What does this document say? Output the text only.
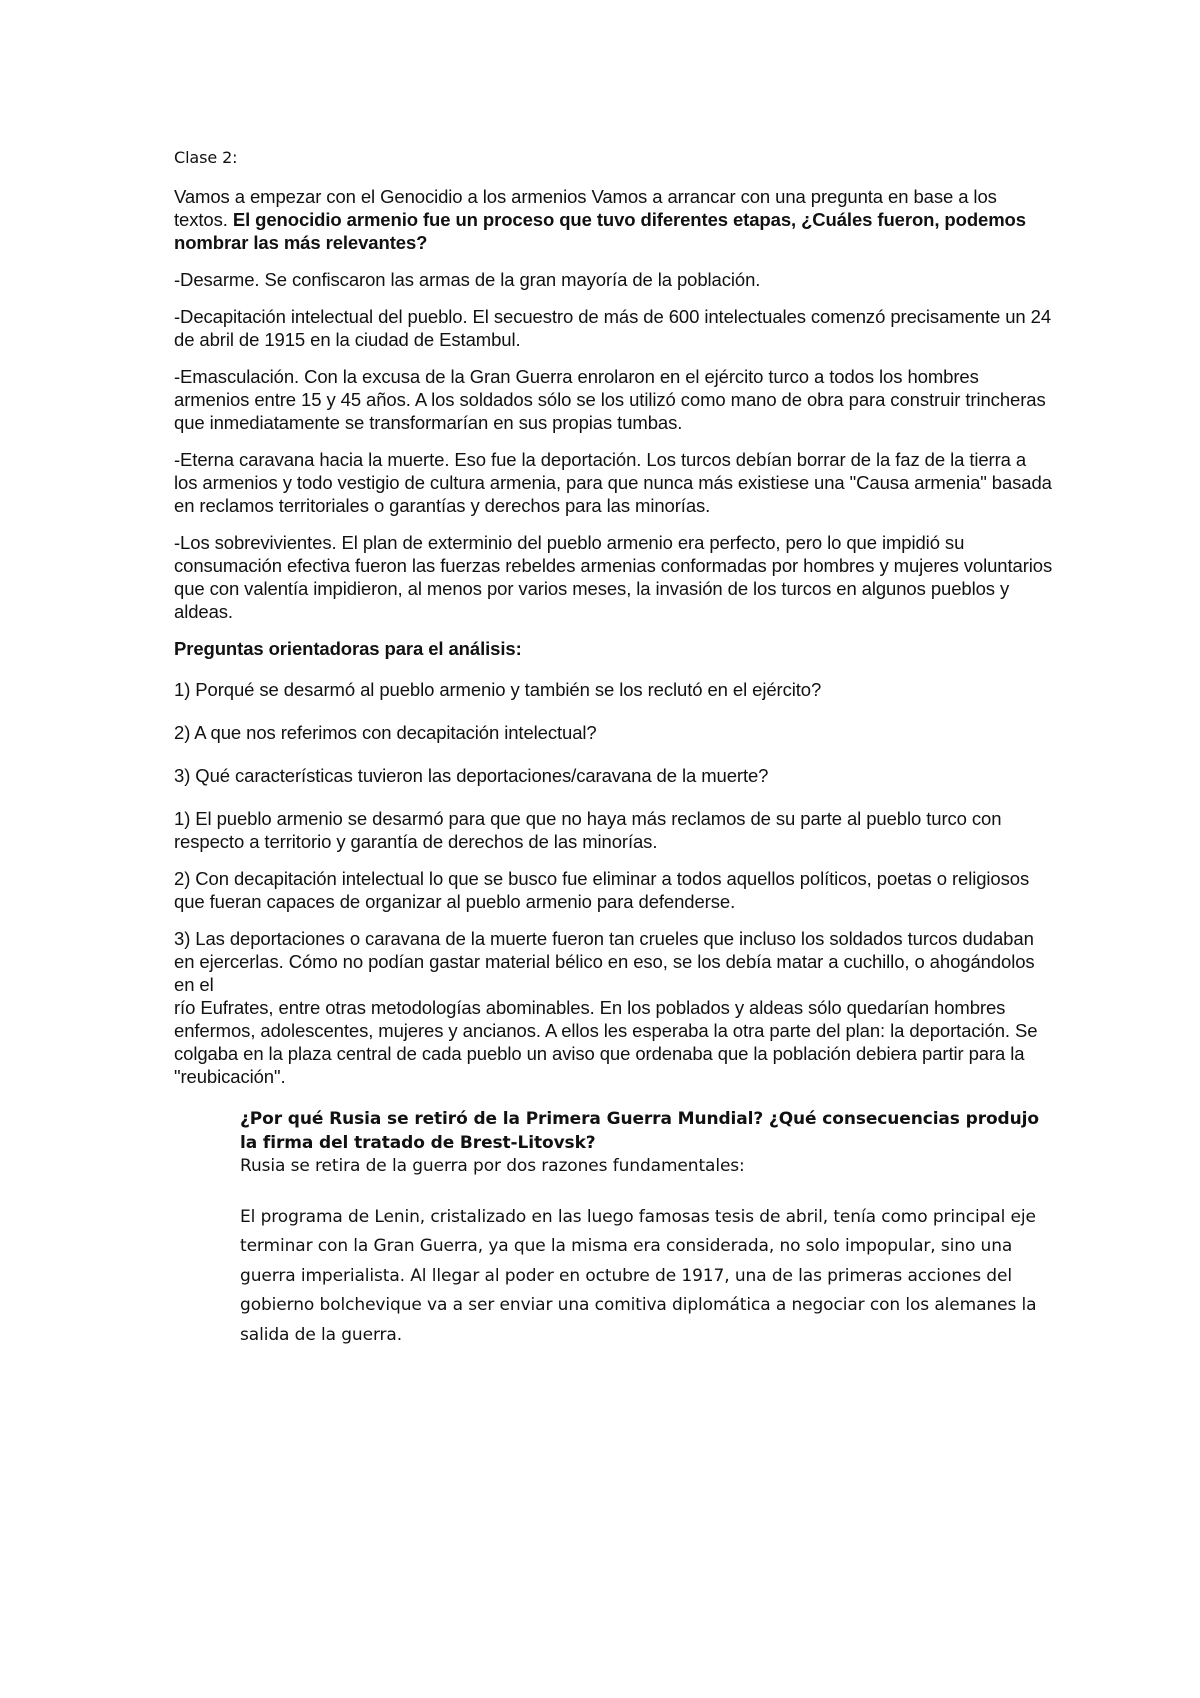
Clase 2:

Vamos a empezar con el Genocidio a los armenios Vamos a arrancar con una pregunta en base a los textos. El genocidio armenio fue un proceso que tuvo diferentes etapas, ¿Cuáles fueron, podemos nombrar las más relevantes?

-Desarme. Se confiscaron las armas de la gran mayoría de la población.

-Decapitación intelectual del pueblo. El secuestro de más de 600 intelectuales comenzó precisamente un 24 de abril de 1915 en la ciudad de Estambul.

-Emasculación. Con la excusa de la Gran Guerra enrolaron en el ejército turco a todos los hombres armenios entre 15 y 45 años. A los soldados sólo se los utilizó como mano de obra para construir trincheras que inmediatamente se transformarían en sus propias tumbas.

-Eterna caravana hacia la muerte. Eso fue la deportación. Los turcos debían borrar de la faz de la tierra a los armenios y todo vestigio de cultura armenia, para que nunca más existiese una "Causa armenia" basada en reclamos territoriales o garantías y derechos para las minorías.

-Los sobrevivientes. El plan de exterminio del pueblo armenio era perfecto, pero lo que impidió su consumación efectiva fueron las fuerzas rebeldes armenias conformadas por hombres y mujeres voluntarios que con valentía impidieron, al menos por varios meses, la invasión de los turcos en algunos pueblos y aldeas.

Preguntas orientadoras para el análisis:

1) Porqué se desarmó al pueblo armenio y también se los reclutó en el ejército?

2) A que nos referimos con decapitación intelectual?

3) Qué características tuvieron las deportaciones/caravana de la muerte?

1) El pueblo armenio se desarmó para que que no haya más reclamos de su parte al pueblo turco con respecto a territorio y garantía de derechos de las minorías.

2) Con decapitación intelectual lo que se busco fue eliminar a todos aquellos políticos, poetas o religiosos que fueran capaces de organizar al pueblo armenio para defenderse.

3) Las deportaciones o caravana de la muerte fueron tan crueles que incluso los soldados turcos dudaban en ejercerlas. Cómo no podían gastar material bélico en eso, se los debía matar a cuchillo, o ahogándolos en el
río Eufrates, entre otras metodologías abominables. En los poblados y aldeas sólo quedarían hombres enfermos, adolescentes, mujeres y ancianos. A ellos les esperaba la otra parte del plan: la deportación. Se colgaba en la plaza central de cada pueblo un aviso que ordenaba que la población debiera partir para la "reubicación".

¿Por qué Rusia se retiró de la Primera Guerra Mundial? ¿Qué consecuencias produjo la firma del tratado de Brest-Litovsk?

Rusia se retira de la guerra por dos razones fundamentales:

El programa de Lenin, cristalizado en las luego famosas tesis de abril, tenía como principal eje terminar con la Gran Guerra, ya que la misma era considerada, no solo impopular, sino una guerra imperialista. Al llegar al poder en octubre de 1917, una de las primeras acciones del gobierno bolchevique va a ser enviar una comitiva diplomática a negociar con los alemanes la salida de la guerra.
